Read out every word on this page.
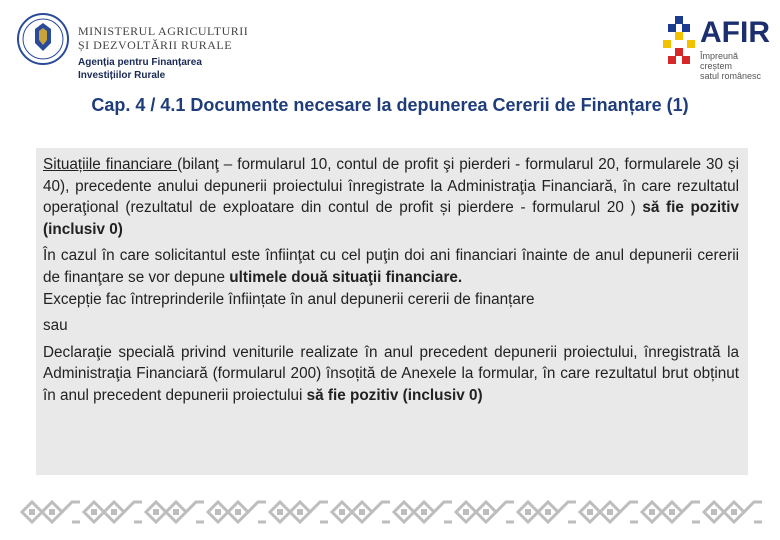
MINISTERUL AGRICULTURII
ȘI DEZVOLTĂRII RURALE
Agenția pentru Finanțarea
Investițiilor Rurale
AFIR
Împreună creștem
satul românesc
Cap. 4 / 4.1 Documente necesare la depunerea Cererii de Finanțare (1)

Situațiile financiare (bilanţ – formularul 10, contul de profit şi pierderi - formularul 20, formularele 30 și 40), precedente anului depunerii proiectului înregistrate la Administraţia Financiară, în care rezultatul operaţional (rezultatul de exploatare din contul de profit și pierdere - formularul 20 ) să fie pozitiv (inclusiv 0)

În cazul în care solicitantul este înfiinţat cu cel puţin doi ani financiari înainte de anul depunerii cererii de finanţare se vor depune ultimele două situaţii financiare.
Excepție fac întreprinderile înființate în anul depunerii cererii de finanțare

sau

Declaraţie specială privind veniturile realizate în anul precedent depunerii proiectului, înregistrată la Administraţia Financiară (formularul 200) însoțită de Anexele la formular, în care rezultatul brut obținut în anul precedent depunerii proiectului să fie pozitiv (inclusiv 0)
